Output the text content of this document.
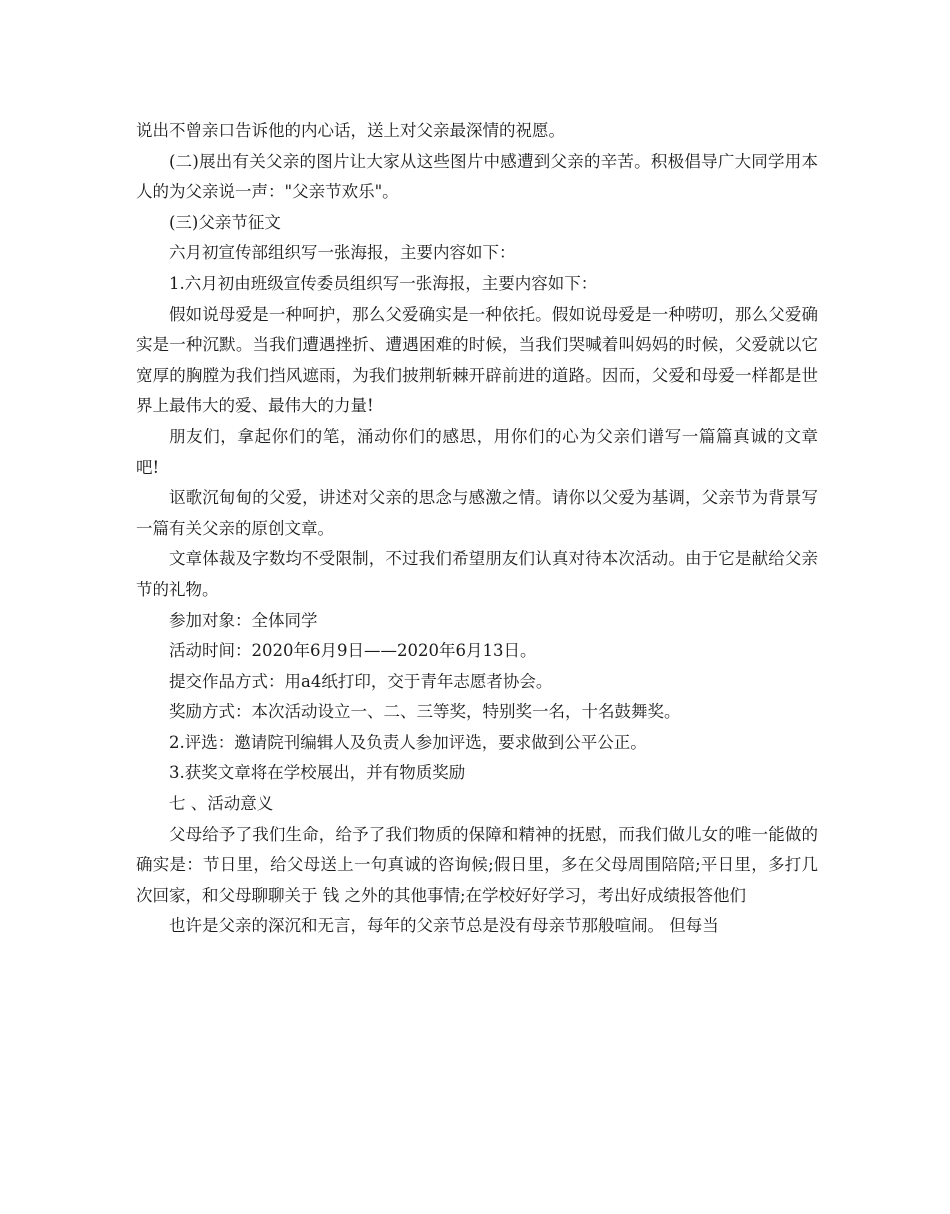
说出不曾亲口告诉他的内心话，送上对父亲最深情的祝愿。

(二)展出有关父亲的图片让大家从这些图片中感遭到父亲的辛苦。积极倡导广大同学用本人的为父亲说一声："父亲节欢乐"。

(三)父亲节征文

六月初宣传部组织写一张海报，主要内容如下：

1.六月初由班级宣传委员组织写一张海报，主要内容如下：

假如说母爱是一种呵护，那么父爱确实是一种依托。假如说母爱是一种唠叨，那么父爱确实是一种沉默。当我们遭遇挫折、遭遇困难的时候，当我们哭喊着叫妈妈的时候，父爱就以它宽厚的胸膛为我们挡风遮雨，为我们披荆斩棘开辟前进的道路。因而，父爱和母爱一样都是世界上最伟大的爱、最伟大的力量!

朋友们，拿起你们的笔，涌动你们的感思，用你们的心为父亲们谱写一篇篇真诚的文章吧!

讴歌沉甸甸的父爱，讲述对父亲的思念与感激之情。请你以父爱为基调，父亲节为背景写一篇有关父亲的原创文章。

文章体裁及字数均不受限制，不过我们希望朋友们认真对待本次活动。由于它是献给父亲节的礼物。

参加对象：全体同学

活动时间：2020年6月9日——2020年6月13日。

提交作品方式：用a4纸打印，交于青年志愿者协会。

奖励方式：本次活动设立一、二、三等奖，特别奖一名，十名鼓舞奖。

2.评选：邀请院刊编辑人及负责人参加评选，要求做到公平公正。

3.获奖文章将在学校展出，并有物质奖励

七 、活动意义

父母给予了我们生命，给予了我们物质的保障和精神的抚慰，而我们做儿女的唯一能做的确实是：节日里，给父母送上一句真诚的咨询候;假日里，多在父母周围陪陪;平日里，多打几次回家，和父母聊聊关于 钱 之外的其他事情;在学校好好学习，考出好成绩报答他们

也许是父亲的深沉和无言，每年的父亲节总是没有母亲节那般喧闹。 但每当
